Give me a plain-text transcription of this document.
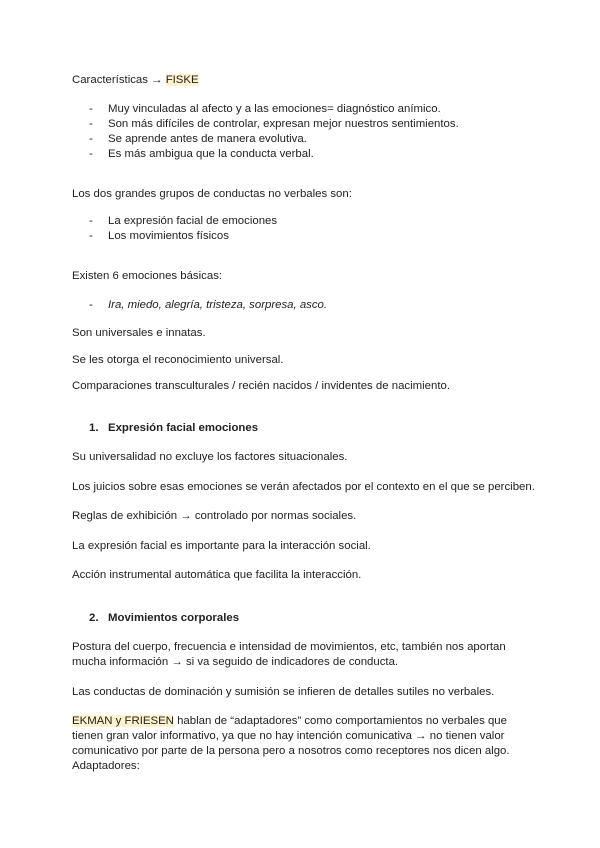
Características → FISKE
- Muy vinculadas al afecto y a las emociones= diagnóstico anímico.
- Son más difíciles de controlar, expresan mejor nuestros sentimientos.
- Se aprende antes de manera evolutiva.
- Es más ambigua que la conducta verbal.
Los dos grandes grupos de conductas no verbales son:
- La expresión facial de emociones
- Los movimientos físicos
Existen 6 emociones básicas:
- Ira, miedo, alegría, tristeza, sorpresa, asco.
Son universales e innatas.
Se les otorga el reconocimiento universal.
Comparaciones transculturales / recién nacidos / invidentes de nacimiento.
1. Expresión facial emociones
Su universalidad no excluye los factores situacionales.
Los juicios sobre esas emociones se verán afectados por el contexto en el que se perciben.
Reglas de exhibición → controlado por normas sociales.
La expresión facial es importante para la interacción social.
Acción instrumental automática que facilita la interacción.
2. Movimientos corporales
Postura del cuerpo, frecuencia e intensidad de movimientos, etc, también nos aportan
mucha información → si va seguido de indicadores de conducta.
Las conductas de dominación y sumisión se infieren de detalles sutiles no verbales.
EKMAN y FRIESEN hablan de “adaptadores” como comportamientos no verbales que
tienen gran valor informativo, ya que no hay intención comunicativa → no tienen valor
comunicativo por parte de la persona pero a nosotros como receptores nos dicen algo.
Adaptadores:
